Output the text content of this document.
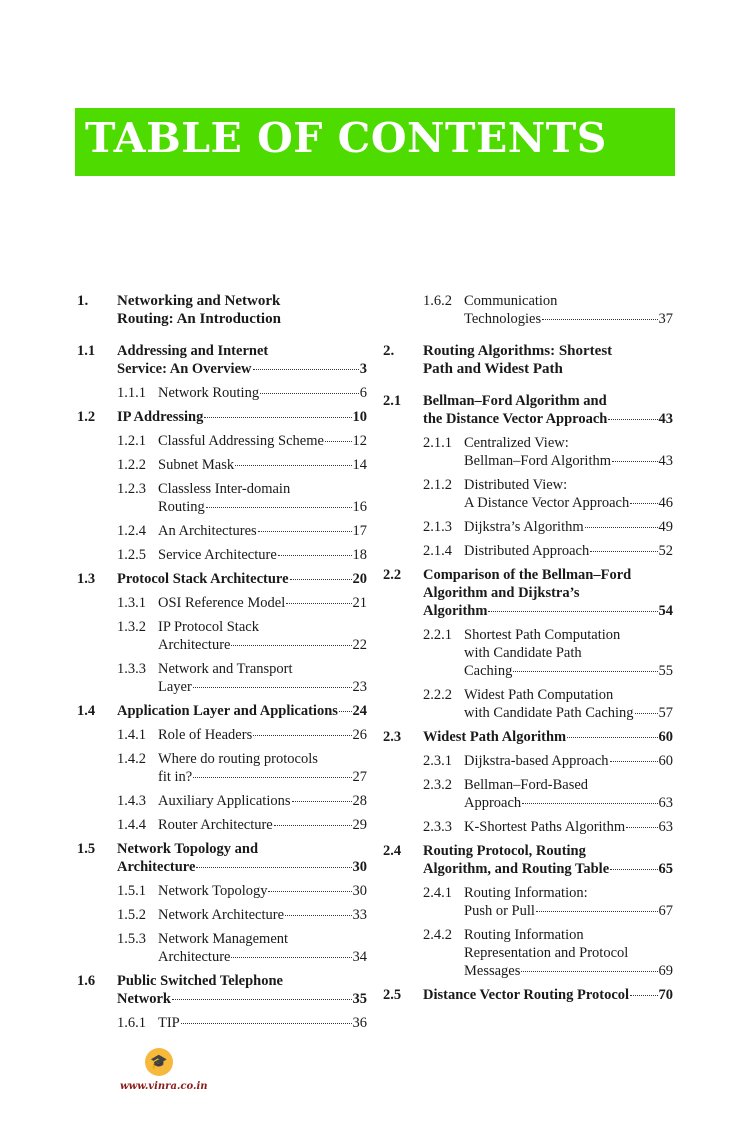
TABLE OF CONTENTS
1. Networking and Network
Routing: An Introduction
1.1 Addressing and Internet
Service: An Overview	3
1.1.1 Network Routing	6
1.2 IP Addressing	10
1.2.1 Classful Addressing Scheme 12
1.2.2 Subnet Mask	14
1.2.3 Classless Inter-domain
Routing	16
1.2.4 An Architectures	17
1.2.5 Service Architecture	18
1.3 Protocol Stack Architecture	20
1.3.1 OSI Reference Model	21
1.3.2 IP Protocol Stack
Architecture	22
1.3.3 Network and Transport
Layer	23
1.4 Application Layer and Applications 24
1.4.1 Role of Headers	26
1.4.2 Where do routing protocols
fit in?	27
1.4.3 Auxiliary Applications	28
1.4.4 Router Architecture	29
1.5 Network Topology and
Architecture	30
1.5.1 Network Topology	30
1.5.2 Network Architecture	33
1.5.3 Network Management
Architecture	34
1.6 Public Switched Telephone
Network	35
1.6.1 TIP	36
1.6.2 Communication
Technologies	37
2. Routing Algorithms: Shortest
Path and Widest Path
2.1 Bellman–Ford Algorithm and
the Distance Vector Approach	43
2.1.1 Centralized View:
Bellman–Ford Algorithm	43
2.1.2 Distributed View:
A Distance Vector Approach 46
2.1.3 Dijkstra’s Algorithm	49
2.1.4 Distributed Approach	52
2.2 Comparison of the Bellman–Ford
Algorithm and Dijkstra’s
Algorithm	54
2.2.1 Shortest Path Computation
with Candidate Path
Caching	55
2.2.2 Widest Path Computation
with Candidate Path Caching 57
2.3 Widest Path Algorithm	60
2.3.1 Dijkstra-based Approach	60
2.3.2 Bellman–Ford-Based
Approach	63
2.3.3 K-Shortest Paths Algorithm 63
2.4 Routing Protocol, Routing
Algorithm, and Routing Table	65
2.4.1 Routing Information:
Push or Pull	67
2.4.2 Routing Information
Representation and Protocol
Messages	69
2.5 Distance Vector Routing Protocol 70
🎓
www.vinra.co.in
